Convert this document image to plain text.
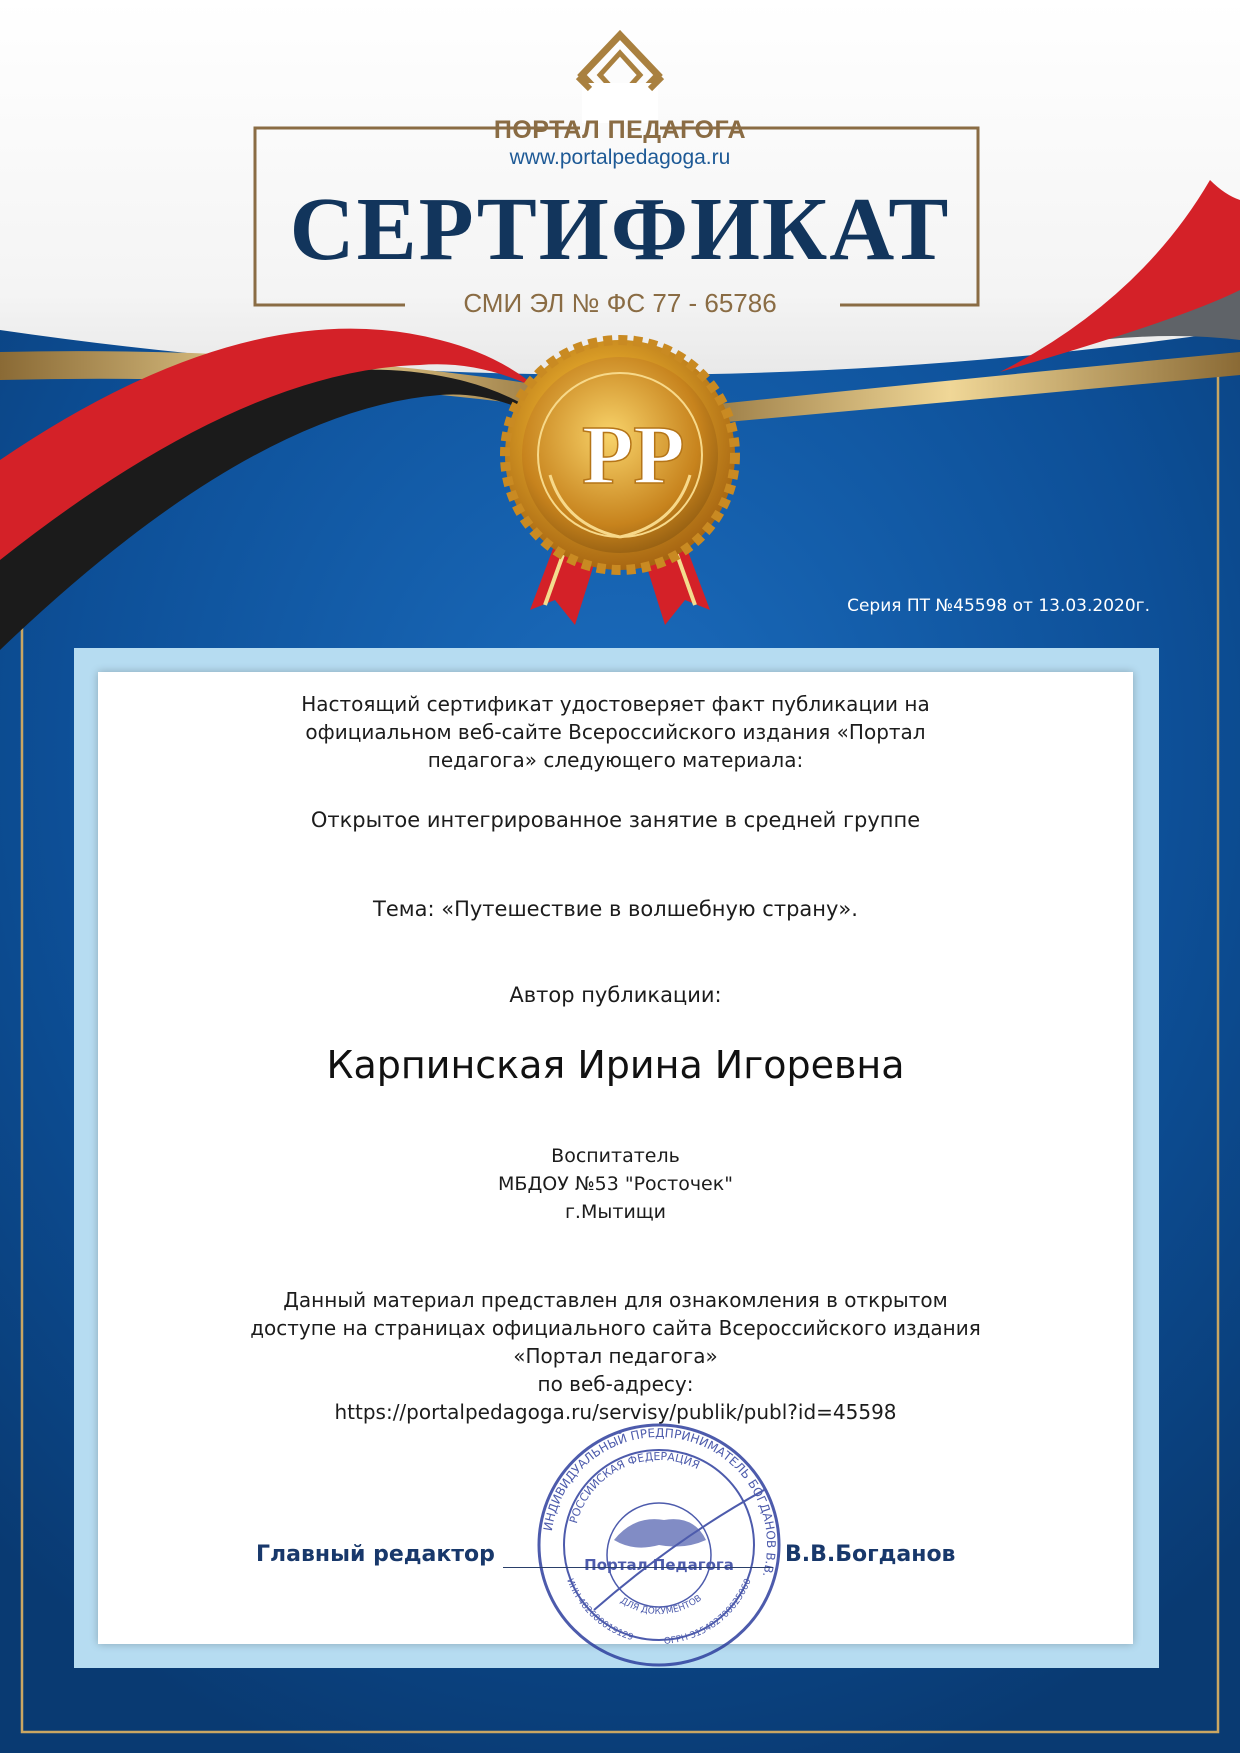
PP
ПОРТАЛ ПЕДАГОГА
www.portalpedagoga.ru
СЕРТИФИКАТ
СМИ ЭЛ № ФС 77 - 65786
Серия ПТ №45598 от 13.03.2020г.
Настоящий сертификат удостоверяет факт публикации на официальном веб-сайте Всероссийского издания «Портал педагога» следующего материала:
Открытое интегрированное занятие в средней группе
Тема: «Путешествие в волшебную страну».
Автор публикации:
Карпинская Ирина Игоревна
Воспитатель
МБДОУ №53 "Росточек"
г.Мытищи
Данный материал представлен для ознакомления в открытом доступе на страницах официального сайта Всероссийского издания
«Портал педагога»
по веб-адресу:
https://portalpedagoga.ru/servisy/publik/publ?id=45598
ИНДИВИДУАЛЬНЫЙ ПРЕДПРИНИМАТЕЛЬ БОГДАНОВ В.В.
РОССИЙСКАЯ ФЕДЕРАЦИЯ
Портал Педагога
ДЛЯ ДОКУМЕНТОВ
ИНН 482600019129	ОГРН 315482700025060
Главный редактор	В.В.Богданов
